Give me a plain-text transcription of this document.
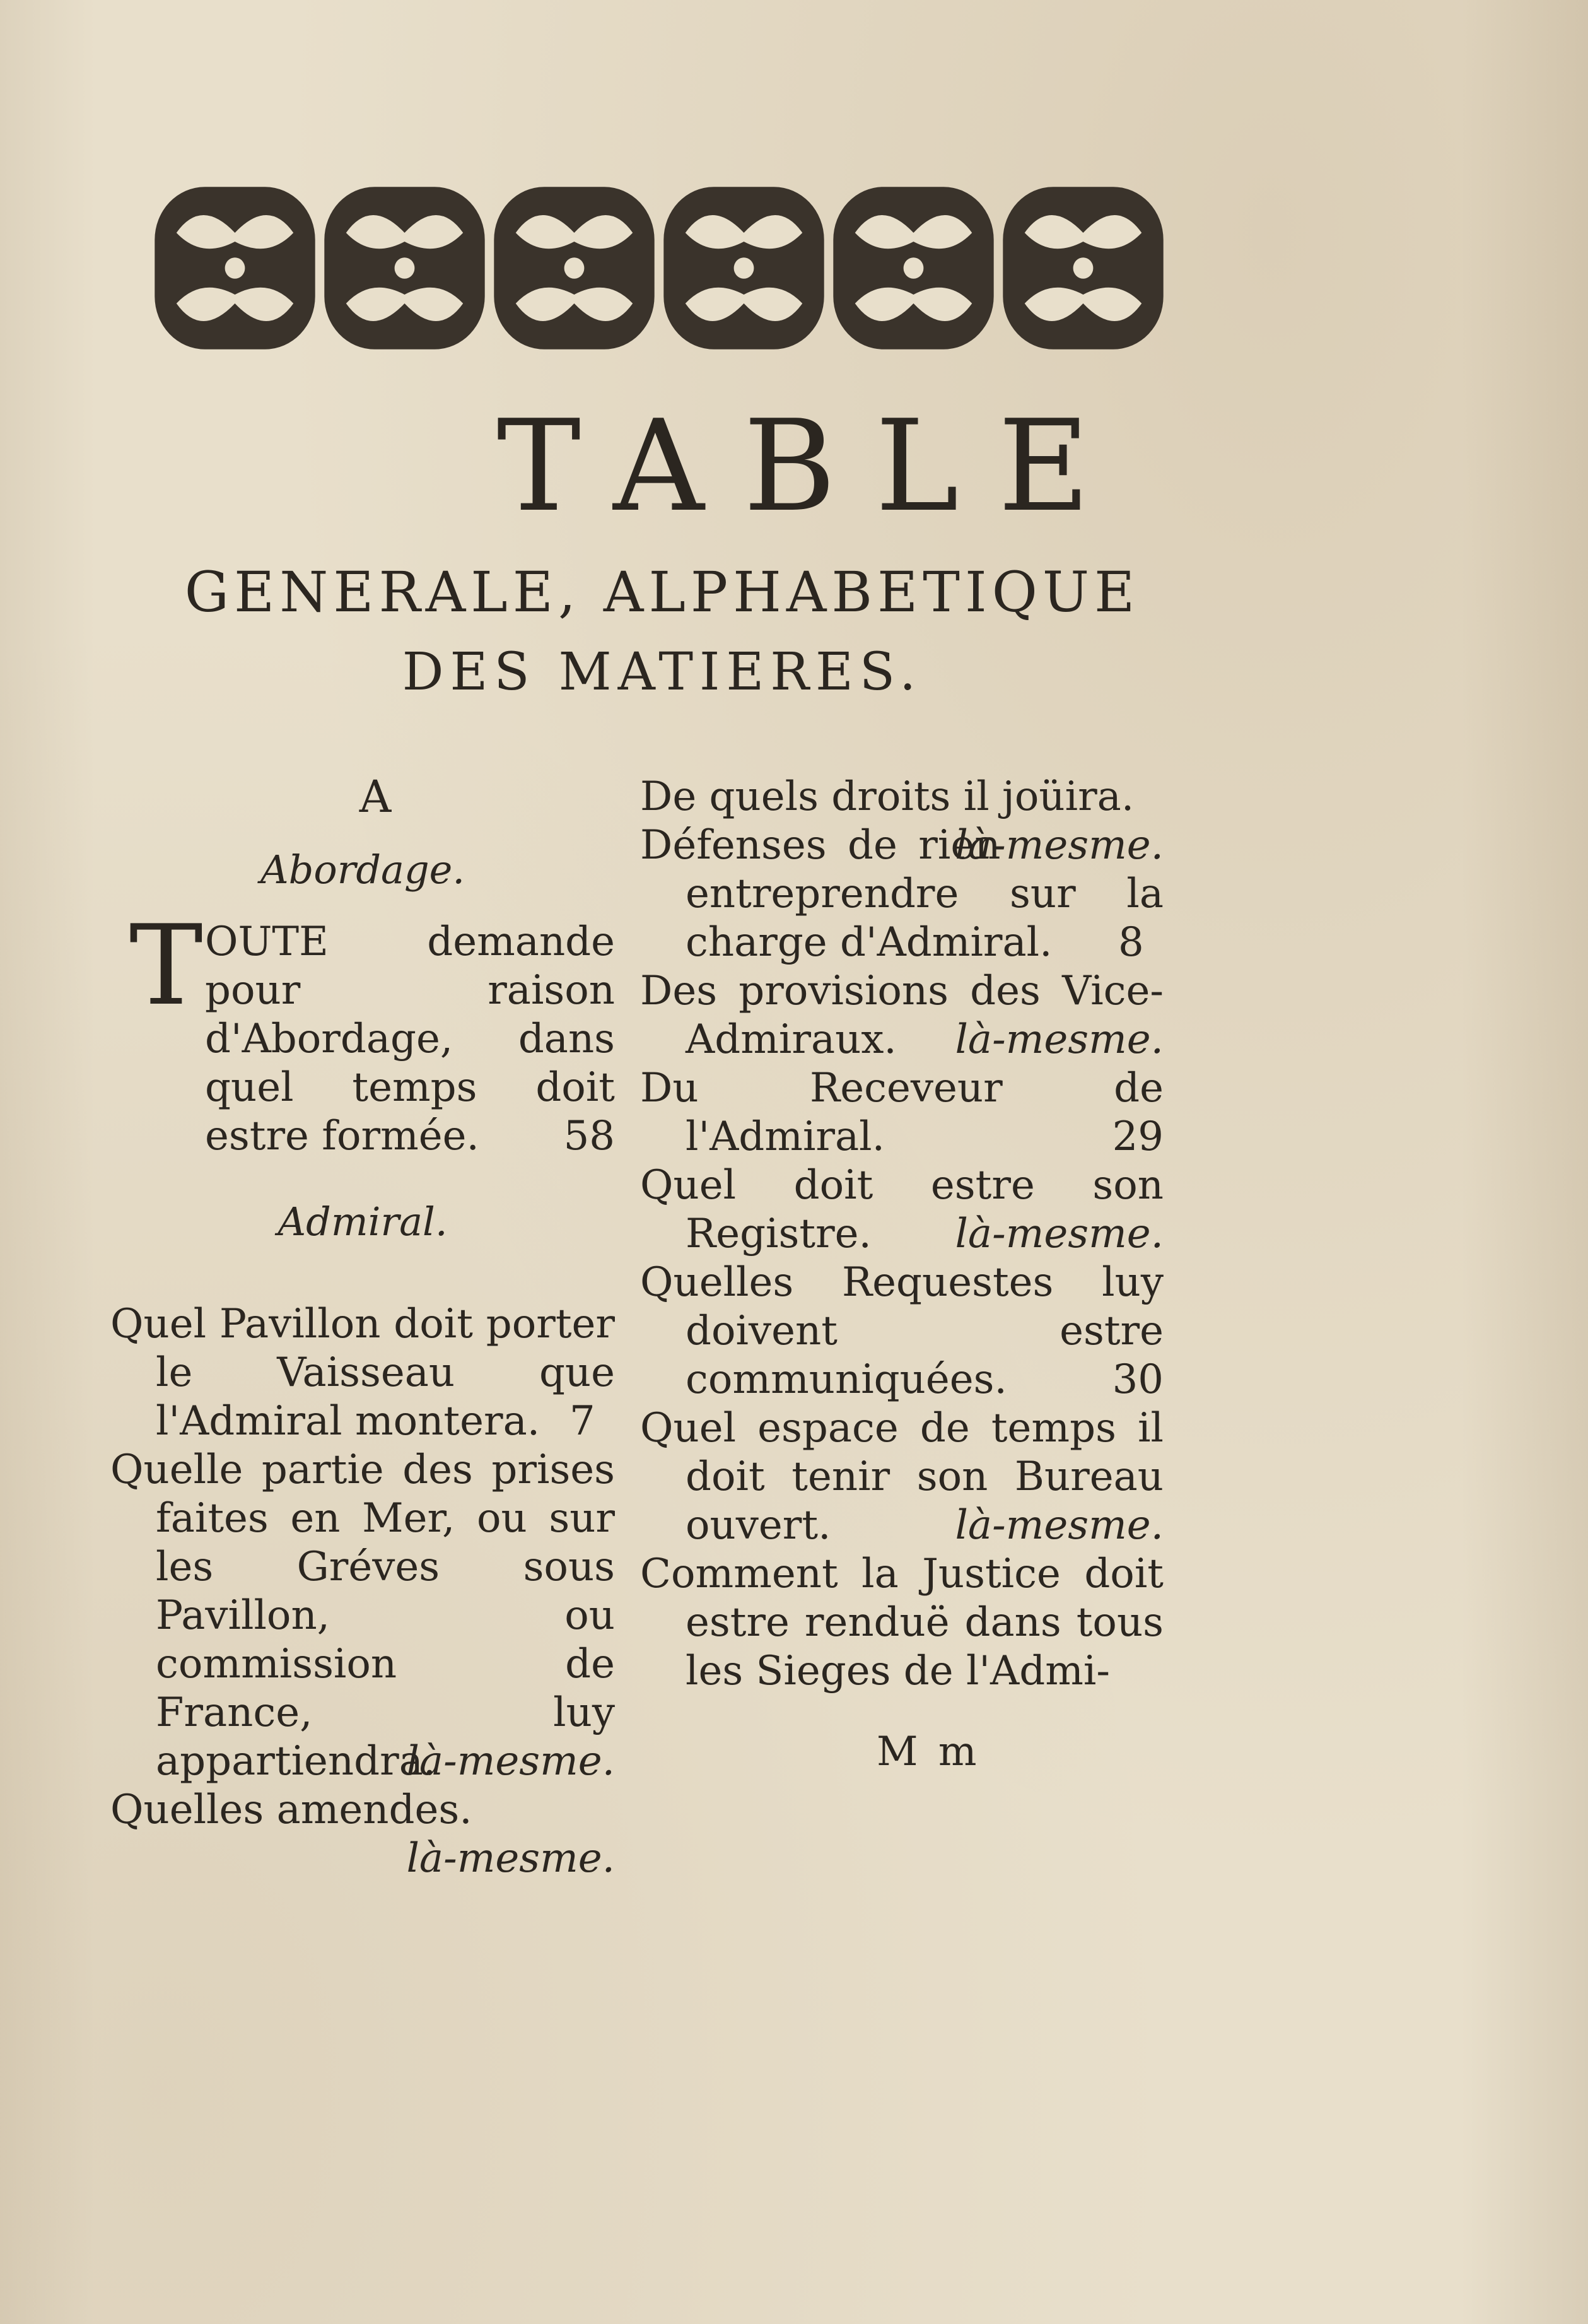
TABLE
GENERALE, ALPHABETIQUE
DES MATIERES.
A
Abordage.

T OUTE demande pour raison d'Abordage, dans quel temps doit estre formée. 58

Admiral.

Quel Pavillon doit porter le Vaisseau que l'Admiral montera. 7

Quelle partie des prises faites en Mer, ou sur les Gréves sous Pavillon, ou commission de France, luy appartiendra.
là-mesme.

Quelles amendes.
là-mesme.

De quels droits il joüira.
là-mesme.

Défenses de rien entreprendre sur la charge d'Admiral. 8

Des provisions des Vice-Admiraux. là-mesme.

Du Receveur de l'Admiral.	29

Quel doit estre son Registre. là-mesme.

Quelles Requestes luy doivent estre communiquées.	30

Quel espace de temps il doit tenir son Bureau ouvert.	là-mesme.

Comment la Justice doit estre renduë dans tous les Sieges de l'Admi-

M m
